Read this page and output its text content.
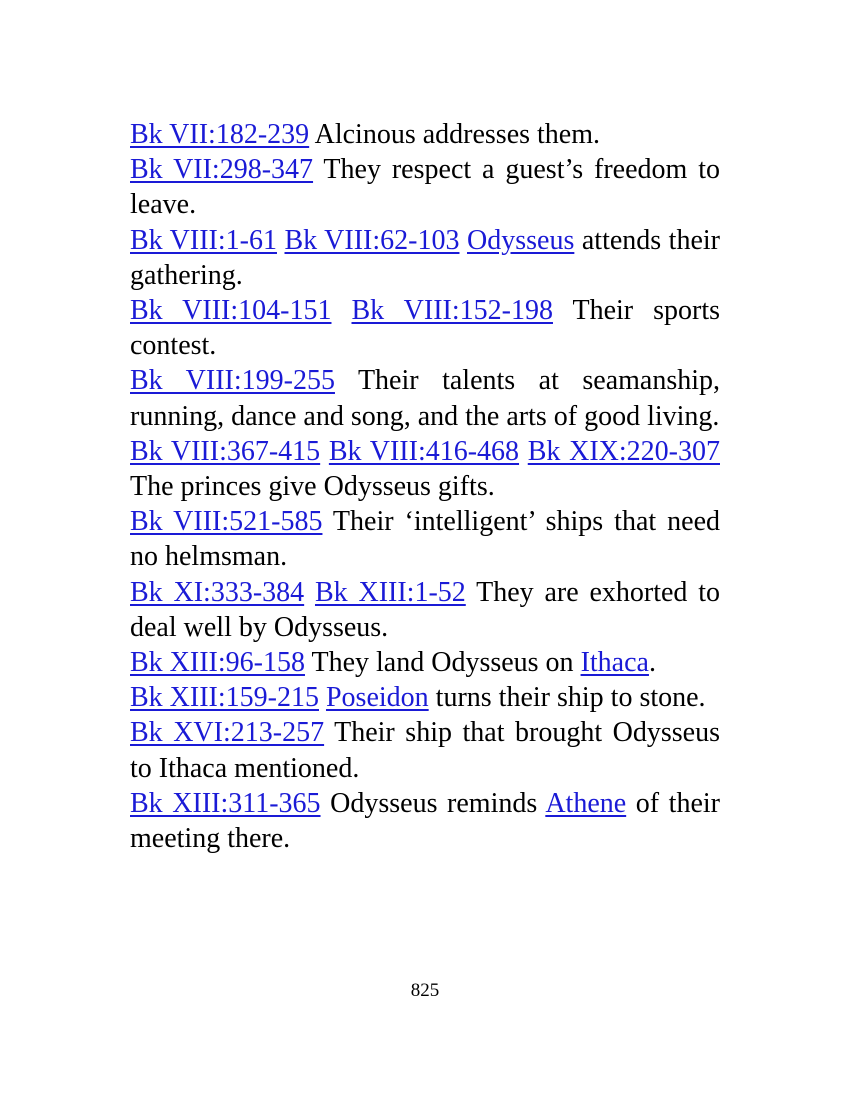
Bk VII:182-239 Alcinous addresses them.

Bk VII:298-347 They respect a guest’s freedom to leave.

Bk VIII:1-61 Bk VIII:62-103 Odysseus attends their gathering.

Bk VIII:104-151 Bk VIII:152-198 Their sports contest.

Bk VIII:199-255 Their talents at seamanship, running, dance and song, and the arts of good living.

Bk VIII:367-415 Bk VIII:416-468 Bk XIX:220-307 The princes give Odysseus gifts.

Bk VIII:521-585 Their ‘intelligent’ ships that need no helmsman.

Bk XI:333-384 Bk XIII:1-52 They are exhorted to deal well by Odysseus.

Bk XIII:96-158 They land Odysseus on Ithaca.

Bk XIII:159-215 Poseidon turns their ship to stone.

Bk XVI:213-257 Their ship that brought Odysseus to Ithaca mentioned.

Bk XIII:311-365 Odysseus reminds Athene of their meeting there.

825
